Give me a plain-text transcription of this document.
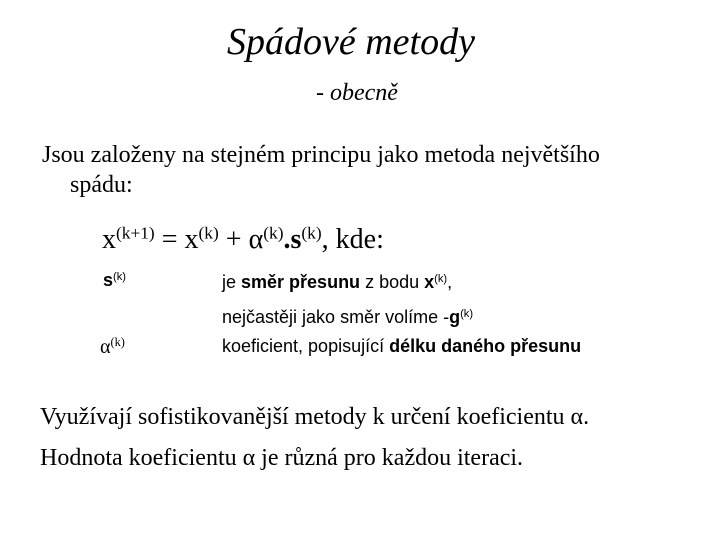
Spádové metody
- obecně
Jsou založeny na stejném principu jako metoda největšího
spádu:
$x^{(k+1)} = x^{(k)} + \alpha^{(k)}.s^{(k)}$, kde:
$s^{(k)}$
$\alpha^{(k)}$
je směr přesunu z bodu $x^{(k)}$,
nejčastěji jako směr volíme $-g^{(k)}$
koeficient, popisující délku daného přesunu
Využívají sofistikovanější metody k určení koeficientu α.
Hodnota koeficientu α je různá pro každou iteraci.
